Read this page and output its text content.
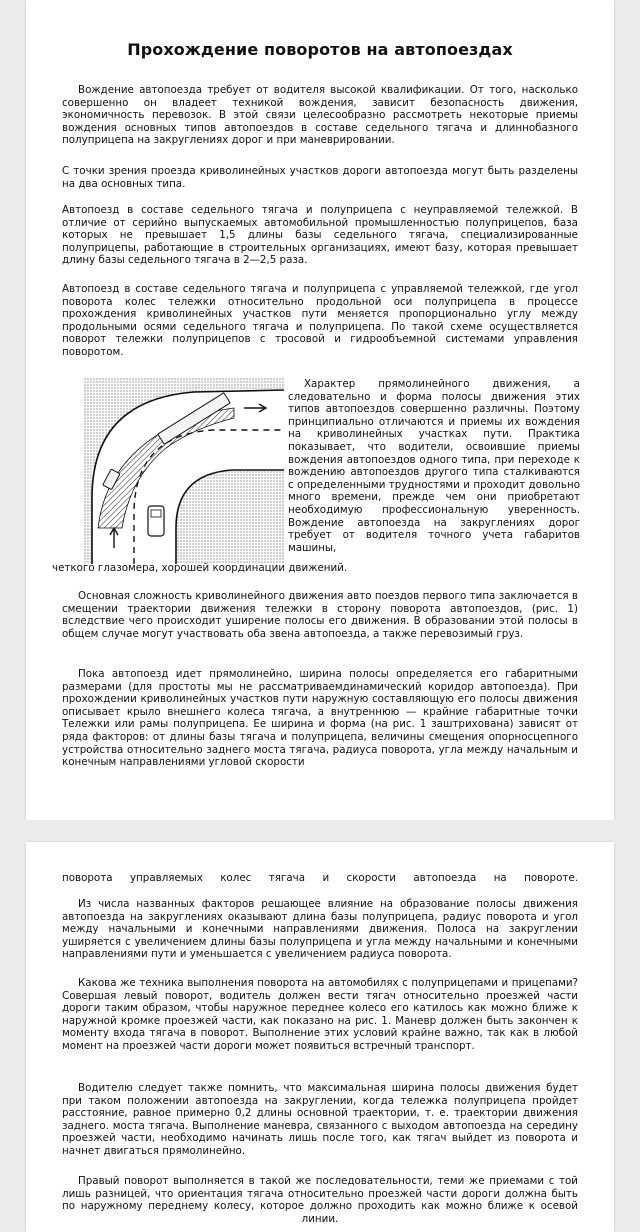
Прохождение поворотов на автопоездах

Вождение автопоезда требует от водителя высокой квалификации. От того, насколько совершенно он владеет техникой вождения, зависит безопасность движения, экономичность перевозок. В этой связи целесообразно рассмотреть некоторые приемы вождения основных типов автопоездов в составе седельного тягача и длиннобазного полуприцепа на закруглениях дорог и при маневрировании.

С точки зрения проезда криволинейных участков дороги автопоезда могут быть разделены на два основных типа.

Автопоезд в составе седельного тягача и полуприцепа с неуправляемой тележкой. В отличие от серийно выпускаемых автомобильной промышленностью полуприцепов, база которых не превышает 1,5 длины базы седельного тягача, специализированные полуприцепы, работающие в строительных организациях, имеют базу, которая превышает длину базы седельного тягача в 2—2,5 раза.

Автопоезд в составе седельного тягача и полуприцепа с управляемой тележкой, где угол поворота колес тележки относительно продольной оси полуприцепа в процессе прохождения криволинейных участков пути меняется пропорционально углу между продольными осями седельного тягача и полуприцепа. По такой схеме осуществляется поворот тележки полуприцепов с тросовой и гидрообъемной системами управления поворотом.

Характер прямолинейного движения, а следовательно и форма полосы движения этих типов автопоездов совершенно различны. Поэтому принципиально отличаются и приемы их вождения на криволинейных участках пути. Практика показывает, что водители, освоившие приемы вождения автопоездов одного типа, при переходе к вождению автопоездов другого типа сталкиваются с определенными трудностями и проходит довольно много времени, прежде чем они приобретают необходимую профессиональную уверенность. Вождение автопоезда на закруглениях дорог требует от водителя точного учета габаритов машины,

четкого глазомера, хорошей координации движений.

Основная сложность криволинейного движения авто поездов первого типа заключается в смещении траектории движения тележки в сторону поворота автопоездов, (рис. 1) вследствие чего происходит уширение полосы его движения. В образовании этой полосы в общем случае могут участвовать оба звена автопоезда, а также перевозимый груз.

Пока автопоезд идет прямолинейно, ширина полосы определяется его габаритными размерами (для простоты мы не рассматриваемдинамический коридор автопоезда). При прохождении криволинейных участков пути наружную составляющую его полосы движения описывает крыло внешнего колеса тягача, а внутреннюю — крайние габаритные точки Тележки или рамы полуприцепа. Ее ширина и форма (на рис. 1 заштрихована) зависят от ряда факторов: от длины базы тягача и полуприцепа, величины смещения опорносцепного устройства относительно заднего моста тягача, радиуса поворота, угла между начальным и конечным направлениями угловой скорости

поворота управляемых колес тягача и скорости автопоезда на повороте.

Из числа названных факторов решающее влияние на образование полосы движения автопоезда на закруглениях оказывают длина базы полуприцепа, радиус поворота и угол между начальными и конечными направлениями движения. Полоса на закруглении уширяется с увеличением длины базы полуприцепа и угла между начальными и конечными направлениями пути и уменьшается с увеличением радиуса поворота.

Какова же техника выполнения поворота на автомобилях с полуприцепами и прицепами? Совершая левый поворот, водитель должен вести тягач относительно проезжей части дороги таким образом, чтобы наружное переднее колесо его катилось как можно ближе к наружной кромке проезжей части, как показано на рис. 1. Маневр должен быть закончен к моменту входа тягача в поворот. Выполнение этих условий крайне важно, так как в любой момент на проезжей части дороги может появиться встречный транспорт.

Водителю следует также помнить, что максимальная ширина полосы движения будет при таком положении автопоезда на закруглении, когда тележка полуприцепа пройдет расстояние, равное примерно 0,2 длины основной траектории, т. е. траектории движения заднего. моста тягача. Выполнение маневра, связанного с выходом автопоезда на середину проезжей части, необходимо начинать лишь после того, как тягач выйдет из поворота и начнет двигаться прямолинейно.

Правый поворот выполняется в такой же последовательности, теми же приемами с той лишь разницей, что ориентация тягача относительно проезжей части дороги должна быть по наружному переднему колесу, которое должно проходить как можно ближе к осевой линии.
